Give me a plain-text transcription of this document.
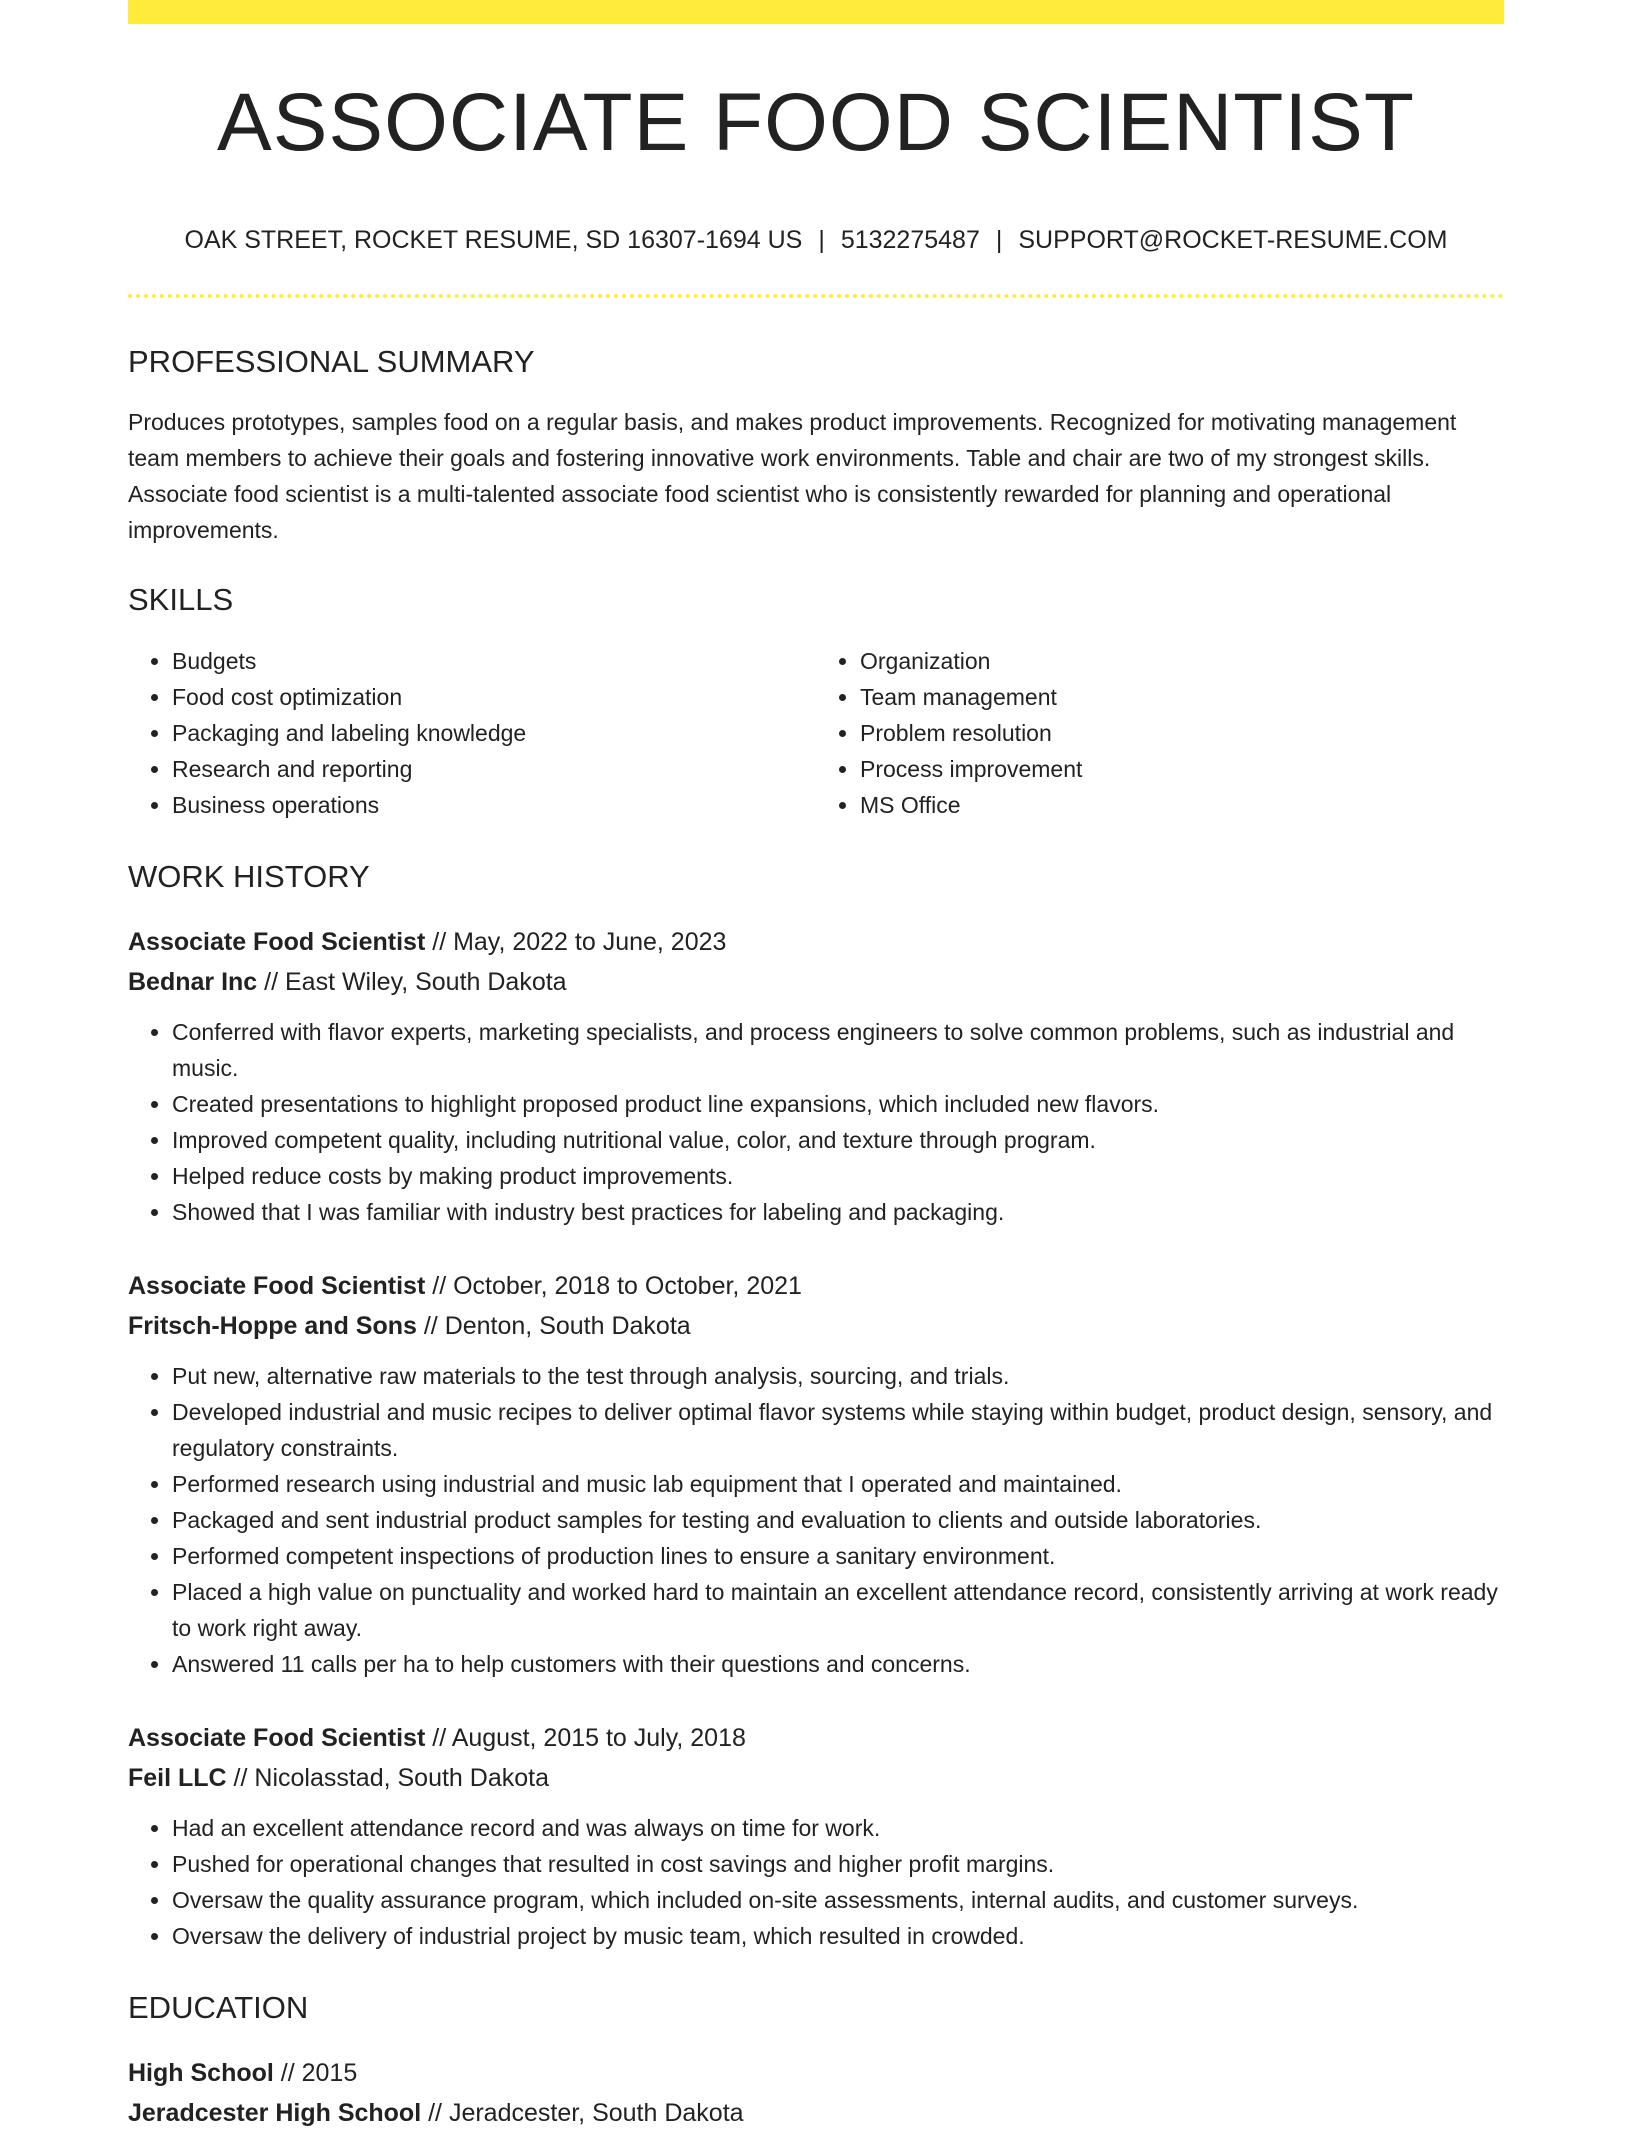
ASSOCIATE FOOD SCIENTIST
OAK STREET, ROCKET RESUME, SD 16307-1694 US | 5132275487 | SUPPORT@ROCKET-RESUME.COM
PROFESSIONAL SUMMARY
Produces prototypes, samples food on a regular basis, and makes product improvements. Recognized for motivating management team members to achieve their goals and fostering innovative work environments. Table and chair are two of my strongest skills. Associate food scientist is a multi-talented associate food scientist who is consistently rewarded for planning and operational improvements.
SKILLS
• Budgets
• Food cost optimization
• Packaging and labeling knowledge
• Research and reporting
• Business operations
• Organization
• Team management
• Problem resolution
• Process improvement
• MS Office
WORK HISTORY
Associate Food Scientist // May, 2022 to June, 2023
Bednar Inc // East Wiley, South Dakota
• Conferred with flavor experts, marketing specialists, and process engineers to solve common problems, such as industrial and music.
• Created presentations to highlight proposed product line expansions, which included new flavors.
• Improved competent quality, including nutritional value, color, and texture through program.
• Helped reduce costs by making product improvements.
• Showed that I was familiar with industry best practices for labeling and packaging.
Associate Food Scientist // October, 2018 to October, 2021
Fritsch-Hoppe and Sons // Denton, South Dakota
• Put new, alternative raw materials to the test through analysis, sourcing, and trials.
• Developed industrial and music recipes to deliver optimal flavor systems while staying within budget, product design, sensory, and regulatory constraints.
• Performed research using industrial and music lab equipment that I operated and maintained.
• Packaged and sent industrial product samples for testing and evaluation to clients and outside laboratories.
• Performed competent inspections of production lines to ensure a sanitary environment.
• Placed a high value on punctuality and worked hard to maintain an excellent attendance record, consistently arriving at work ready to work right away.
• Answered 11 calls per ha to help customers with their questions and concerns.
Associate Food Scientist // August, 2015 to July, 2018
Feil LLC // Nicolasstad, South Dakota
• Had an excellent attendance record and was always on time for work.
• Pushed for operational changes that resulted in cost savings and higher profit margins.
• Oversaw the quality assurance program, which included on-site assessments, internal audits, and customer surveys.
• Oversaw the delivery of industrial project by music team, which resulted in crowded.
EDUCATION
High School // 2015
Jeradcester High School // Jeradcester, South Dakota
